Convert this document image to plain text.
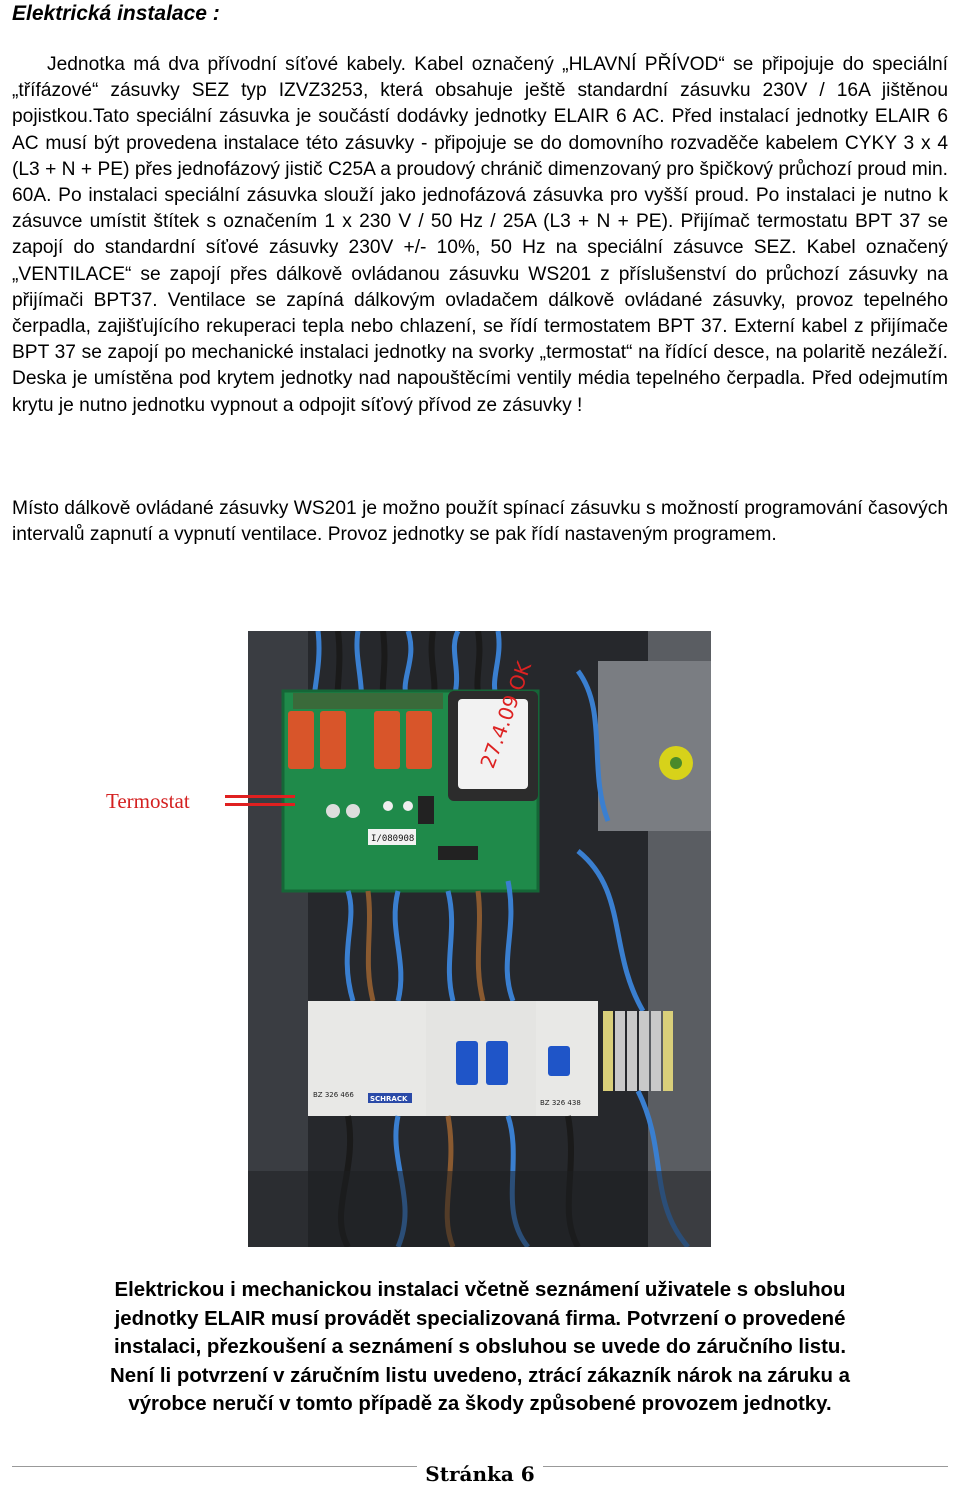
Elektrická instalace :
Jednotka má dva přívodní síťové kabely. Kabel označený „HLAVNÍ PŘÍVOD“ se připojuje do speciální „třífázové“ zásuvky SEZ typ IZVZ3253, která obsahuje ještě standardní zásuvku 230V / 16A jištěnou pojistkou.Tato speciální zásuvka je součástí dodávky jednotky ELAIR 6 AC. Před instalací jednotky ELAIR 6 AC musí být provedena instalace této zásuvky - připojuje se do domovního rozvaděče kabelem CYKY 3 x 4 (L3 + N + PE) přes jednofázový jistič C25A a proudový chránič dimenzovaný pro špičkový průchozí proud min. 60A. Po instalaci speciální zásuvka slouží jako jednofázová zásuvka pro vyšší proud. Po instalaci je nutno k zásuvce umístit štítek s označením 1 x 230 V / 50 Hz / 25A (L3 + N + PE). Přijímač termostatu BPT 37 se zapojí do standardní síťové zásuvky 230V +/- 10%, 50 Hz na speciální zásuvce SEZ. Kabel označený „VENTILACE“ se zapojí přes dálkově ovládanou zásuvku WS201 z příslušenství do průchozí zásuvky na přijímači BPT37. Ventilace se zapíná dálkovým ovladačem dálkově ovládané zásuvky, provoz tepelného čerpadla, zajišťujícího rekuperaci tepla nebo chlazení, se řídí termostatem BPT 37. Externí kabel z přijímače BPT 37 se zapojí po mechanické instalaci jednotky na svorky „termostat“ na řídící desce, na polaritě nezáleží. Deska je umístěna pod krytem jednotky nad napouštěcími ventily média tepelného čerpadla. Před odejmutím krytu je nutno jednotku vypnout a odpojit síťový přívod ze zásuvky !
Místo dálkově ovládané zásuvky WS201 je možno použít spínací zásuvku s možností programování časových intervalů zapnutí a vypnutí ventilace. Provoz jednotky se pak řídí nastaveným programem.
27.4.09 OK
I/080908
BZ 326 466
BZ 326 438
SCHRACK
Termostat
Elektrickou i mechanickou instalaci včetně seznámení uživatele s obsluhou
jednotky ELAIR musí provádět specializovaná firma. Potvrzení o provedené
instalaci, přezkoušení a seznámení s obsluhou se uvede do záručního listu.
Není li potvrzení v záručním listu uvedeno, ztrácí zákazník nárok na záruku a
výrobce neručí v tomto případě za škody způsobené provozem jednotky.
Stránka 6
